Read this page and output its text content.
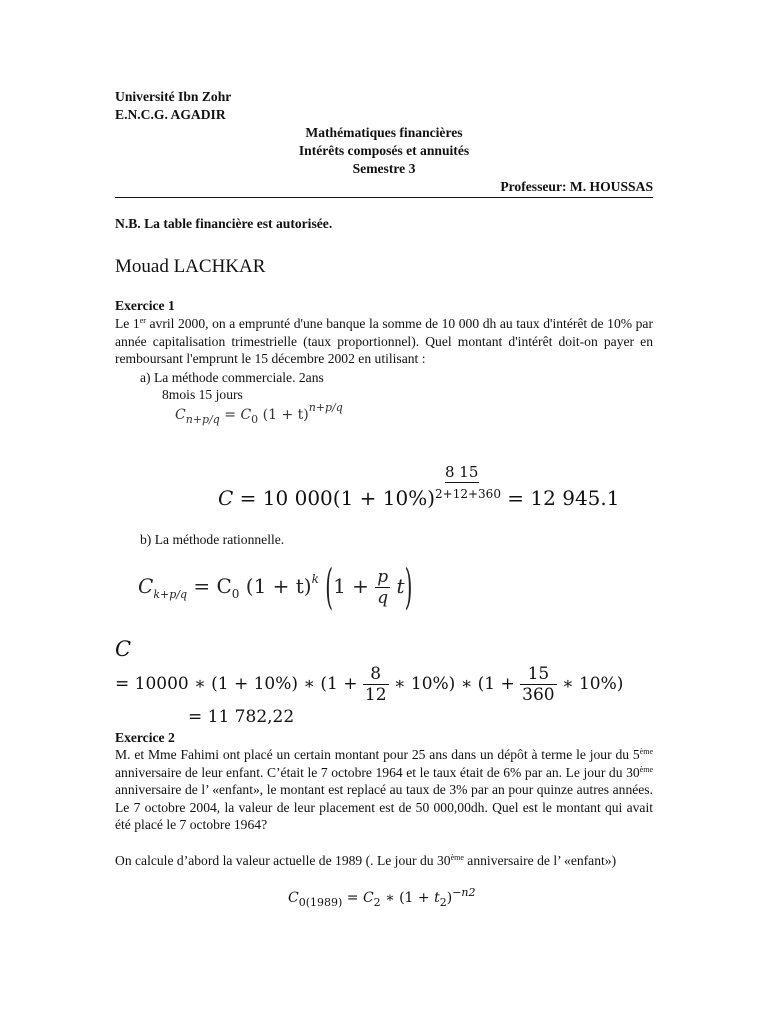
Université Ibn Zohr
E.N.C.G. AGADIR
Mathématiques financières
Intérêts composés et annuités
Semestre 3
Professeur: M. HOUSSAS
N.B. La table financière est autorisée.
Mouad LACHKAR
Exercice 1
Le 1er avril 2000, on a emprunté d'une banque la somme de 10 000 dh au taux d'intérêt de 10% par année capitalisation trimestrielle (taux proportionnel). Quel montant d'intérêt doit-on payer en remboursant l'emprunt le 15 décembre 2002 en utilisant :
a) La méthode commerciale. 2ans
8mois 15 jours
$C_{n+p/q} = C_0$ $(1 + t)^{n+p/q}$
8 15
C = 10 $000(1 + 10\%)^{2+12+360} = 12$ 945.1
b) La méthode rationnelle.
$C_{k+p/q} = C_0$ $(1 + t)^k$ $(1 + \frac{p}{q} t)$
C
= 10000 ∗ (1 + 10%) ∗ ($1 + \frac{8}{12}$ ∗ 10%) ∗ ($1 + \frac{15}{360}$ ∗ 10%)
= 11 782,22
Exercice 2
M. et Mme Fahimi ont placé un certain montant pour 25 ans dans un dépôt à terme le jour du 5ème anniversaire de leur enfant. C’était le 7 octobre 1964 et le taux était de 6% par an. Le jour du 30ème anniversaire de l’ «enfant», le montant est replacé au taux de 3% par an pour quinze autres années. Le 7 octobre 2004, la valeur de leur placement est de 50 000,00dh. Quel est le montant qui avait été placé le 7 octobre 1964?
On calcule d’abord la valeur actuelle de 1989 (. Le jour du 30ème anniversaire de l’ «enfant»)
$C_{0(1989)} = C_2$ ∗ $(1 + t_2)^{-n2}$
